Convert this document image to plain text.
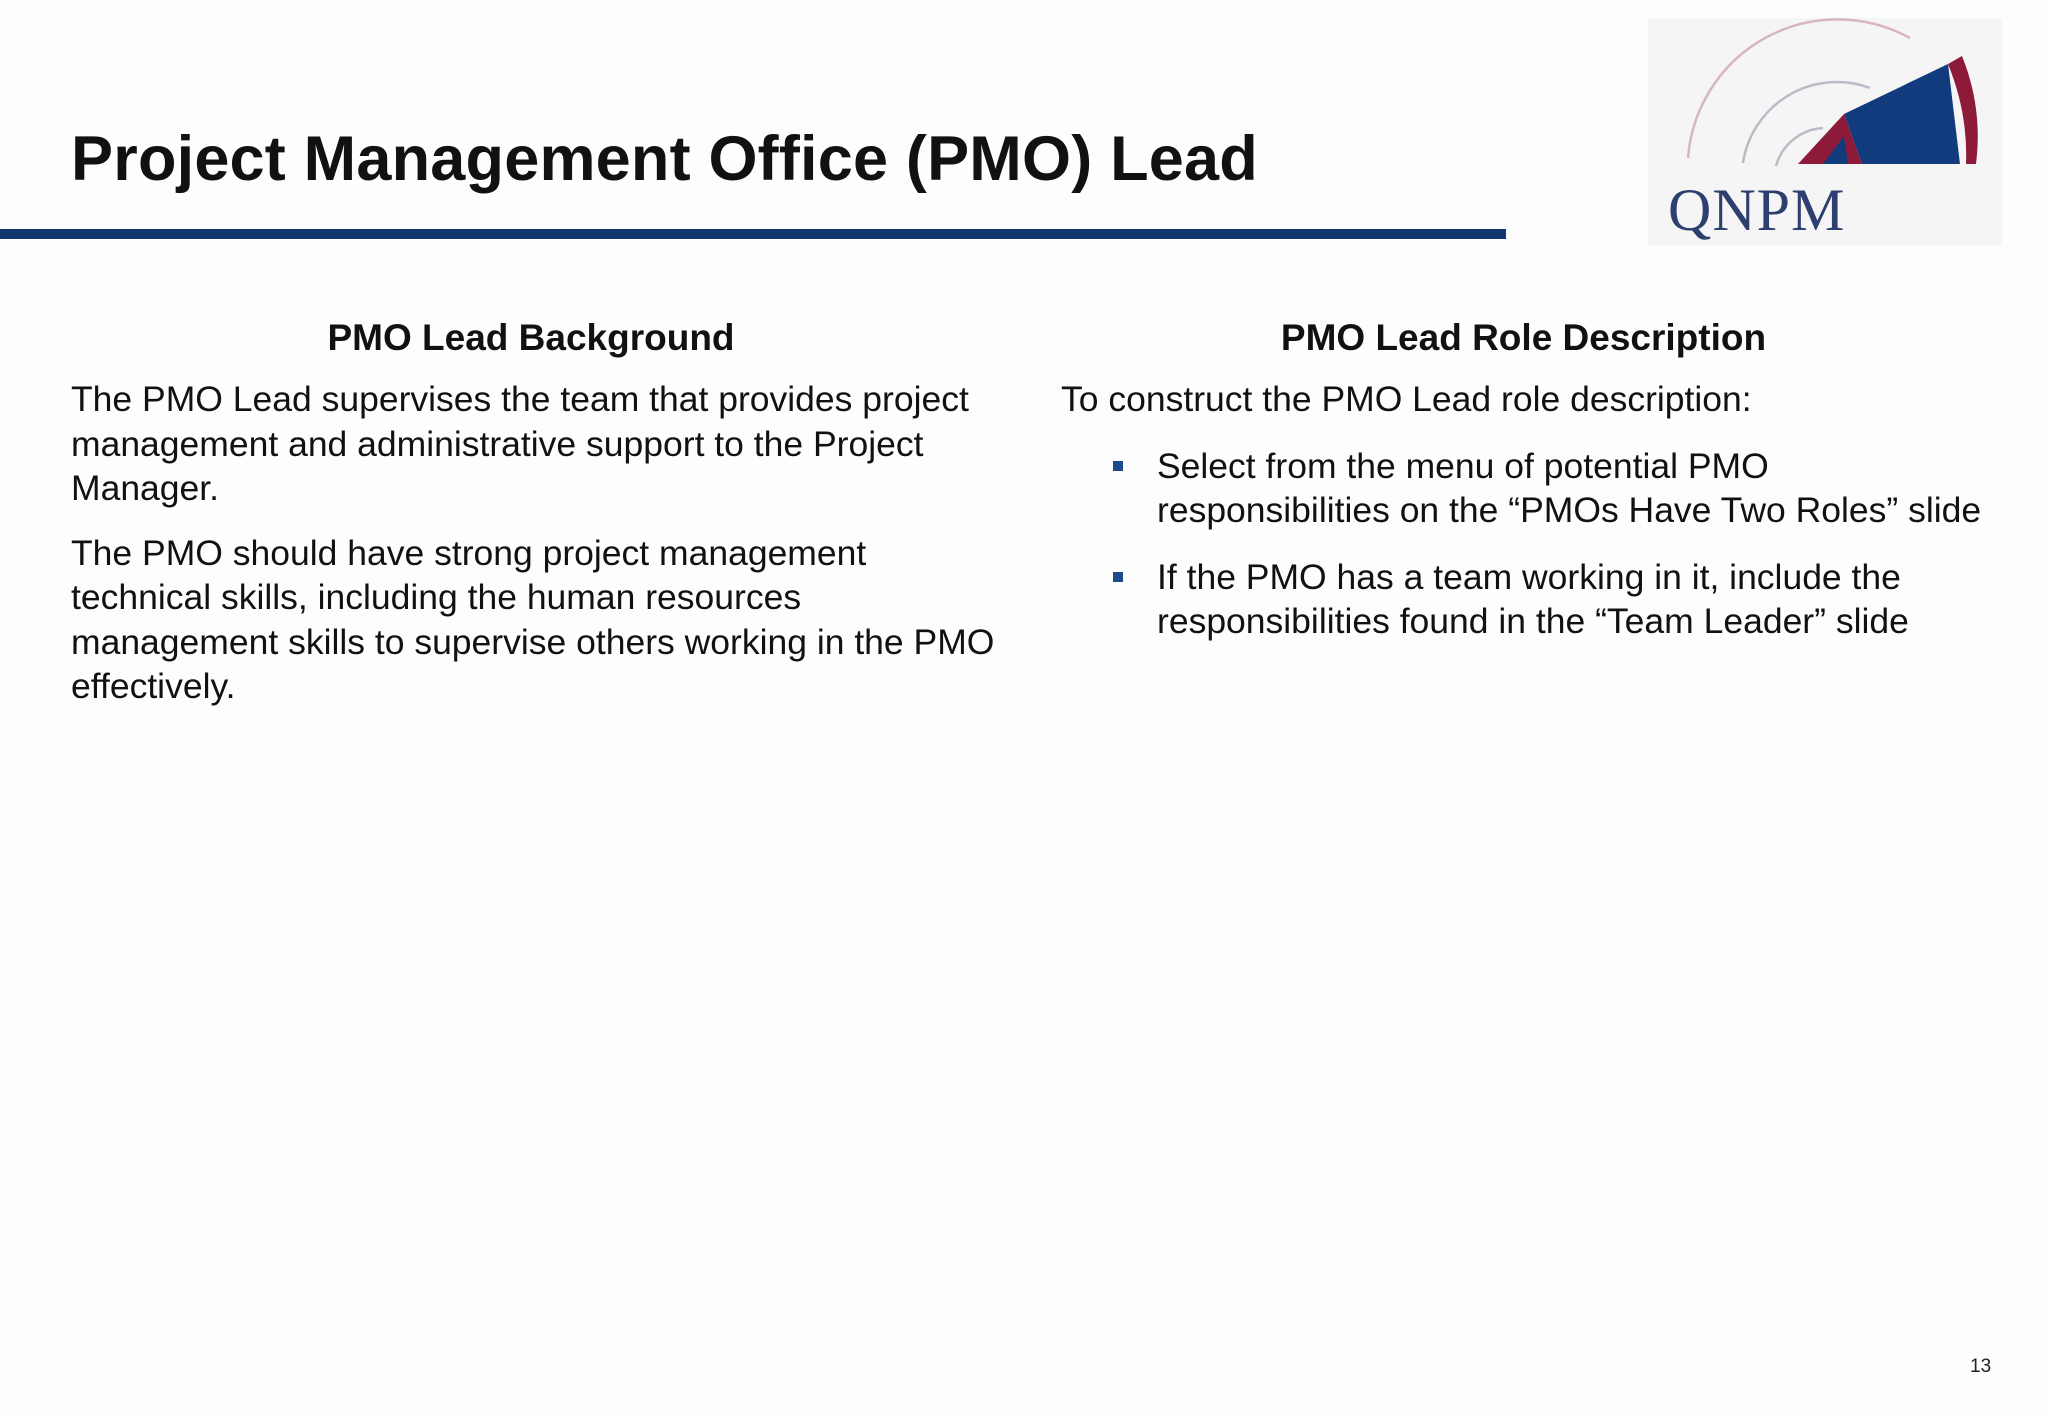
Project Management Office (PMO) Lead
QNPM
PMO Lead Background

The PMO Lead supervises the team that provides project management and administrative support to the Project Manager.

The PMO should have strong project management technical skills, including the human resources management skills to supervise others working in the PMO effectively.

PMO Lead Role Description

To construct the PMO Lead role description:

Select from the menu of potential PMO responsibilities on the “PMOs Have Two Roles” slide
If the PMO has a team working in it, include the responsibilities found in the “Team Leader” slide
13
